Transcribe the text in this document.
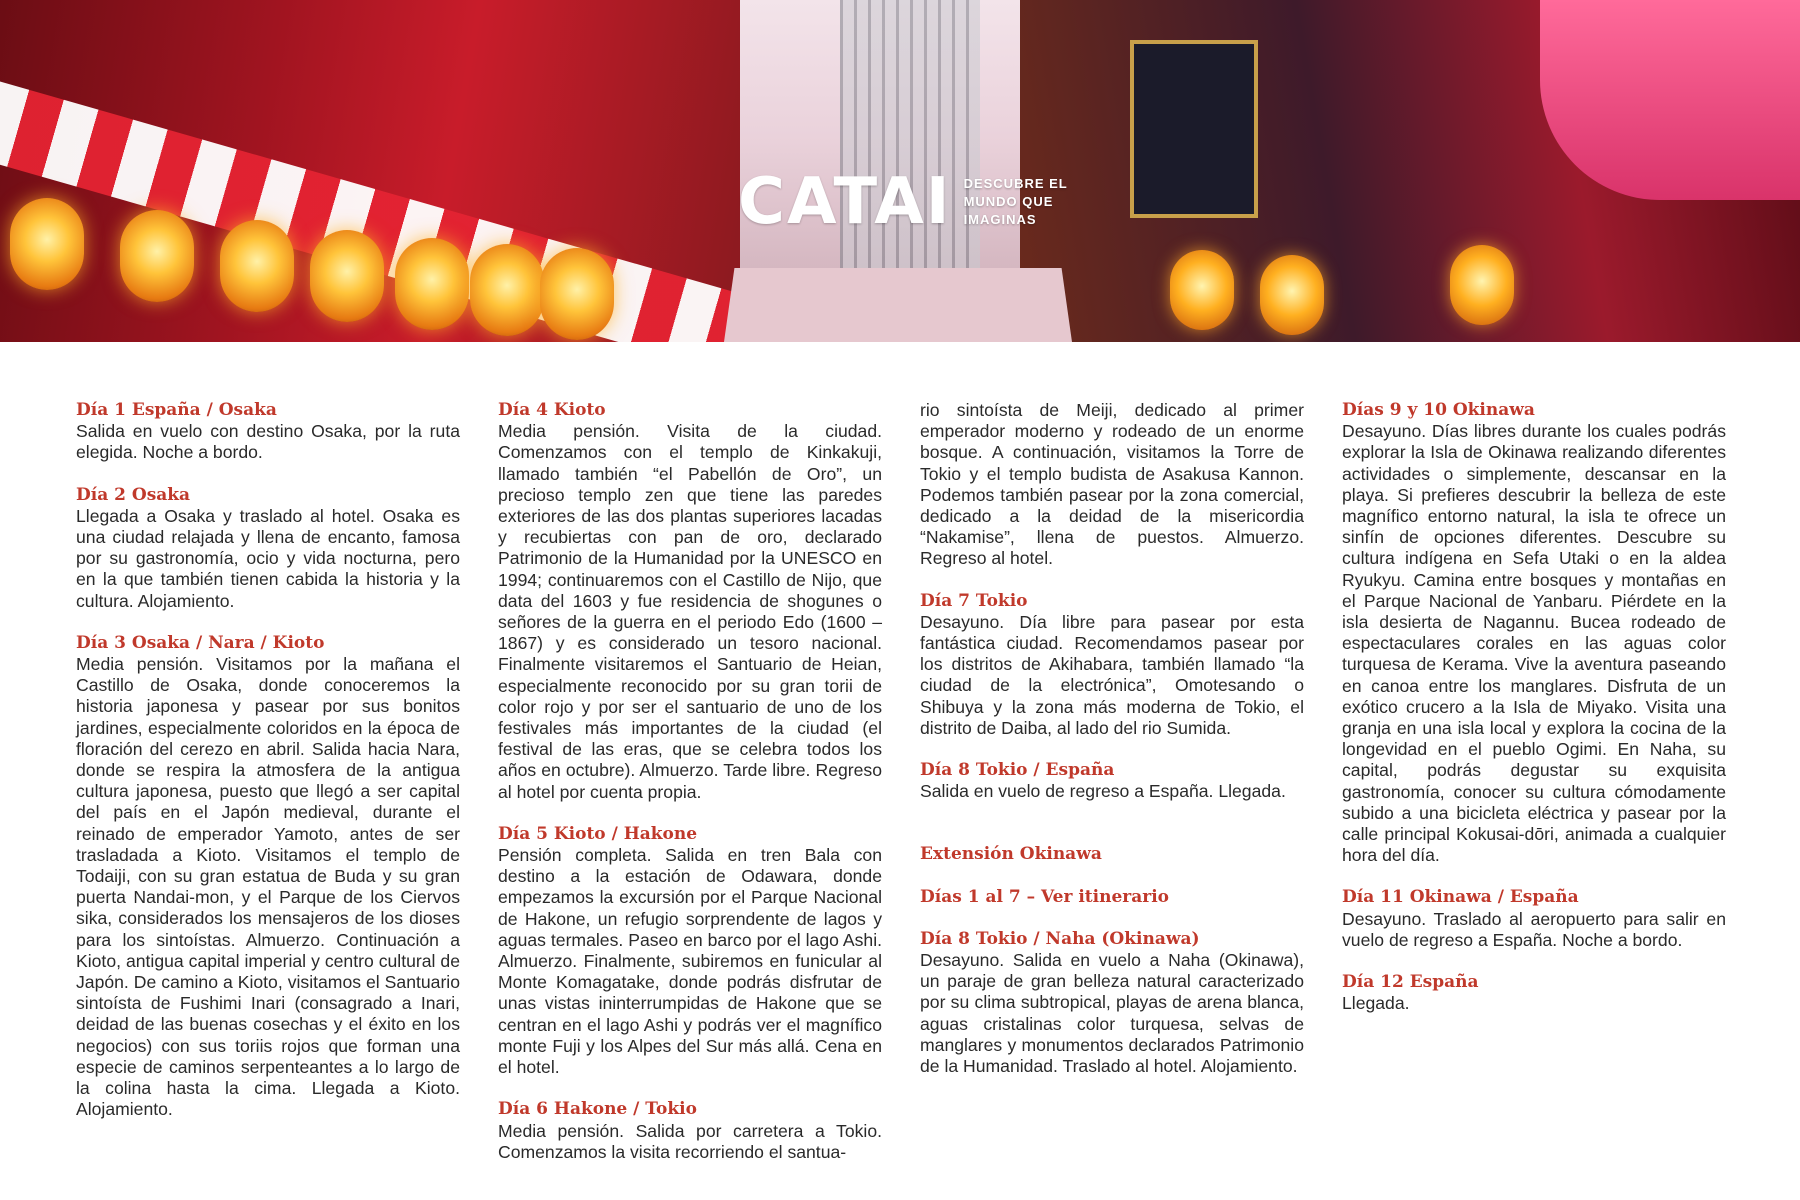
CATAI DESCUBRE EL
MUNDO QUE
IMAGINAS
Día 1 España / Osaka
Salida en vuelo con destino Osaka, por la ruta elegida. Noche a bordo.
Día 2 Osaka
Llegada a Osaka y traslado al hotel. Osaka es una ciudad relajada y llena de encanto, famosa por su gastronomía, ocio y vida nocturna, pero en la que también tienen cabida la historia y la cultura. Alojamiento.
Día 3 Osaka / Nara / Kioto
Media pensión. Visitamos por la mañana el Castillo de Osaka, donde conoceremos la historia japonesa y pasear por sus bonitos jardines, especialmente coloridos en la época de floración del cerezo en abril. Salida hacia Nara, donde se respira la atmosfera de la antigua cultura japonesa, puesto que llegó a ser capital del país en el Japón medieval, durante el reinado de emperador Yamoto, antes de ser trasladada a Kioto. Visitamos el templo de Todaiji, con su gran estatua de Buda y su gran puerta Nandai-mon, y el Parque de los Ciervos sika, considerados los mensajeros de los dioses para los sintoístas. Almuerzo. Continuación a Kioto, antigua capital imperial y centro cultural de Japón. De camino a Kioto, visitamos el Santuario sintoísta de Fushimi Inari (consagrado a Inari, deidad de las buenas cosechas y el éxito en los negocios) con sus toriis rojos que forman una especie de caminos serpenteantes a lo largo de la colina hasta la cima. Llegada a Kioto. Alojamiento.
Día 4 Kioto
Media pensión. Visita de la ciudad. Comenzamos con el templo de Kinkakuji, llamado también “el Pabellón de Oro”, un precioso templo zen que tiene las paredes exteriores de las dos plantas superiores lacadas y recubiertas con pan de oro, declarado Patrimonio de la Humanidad por la UNESCO en 1994; continuaremos con el Castillo de Nijo, que data del 1603 y fue residencia de shogunes o señores de la guerra en el periodo Edo (1600 – 1867) y es considerado un tesoro nacional. Finalmente visitaremos el Santuario de Heian, especialmente reconocido por su gran torii de color rojo y por ser el santuario de uno de los festivales más importantes de la ciudad (el festival de las eras, que se celebra todos los años en octubre). Almuerzo. Tarde libre. Regreso al hotel por cuenta propia.
Día 5 Kioto / Hakone
Pensión completa. Salida en tren Bala con destino a la estación de Odawara, donde empezamos la excursión por el Parque Nacional de Hakone, un refugio sorprendente de lagos y aguas termales. Paseo en barco por el lago Ashi. Almuerzo. Finalmente, subiremos en funicular al Monte Komagatake, donde podrás disfrutar de unas vistas ininterrumpidas de Hakone que se centran en el lago Ashi y podrás ver el magnífico monte Fuji y los Alpes del Sur más allá. Cena en el hotel.
Día 6 Hakone / Tokio
Media pensión. Salida por carretera a Tokio. Comenzamos la visita recorriendo el santua-
rio sintoísta de Meiji, dedicado al primer emperador moderno y rodeado de un enorme bosque. A continuación, visitamos la Torre de Tokio y el templo budista de Asakusa Kannon. Podemos también pasear por la zona comercial, dedicado a la deidad de la misericordia “Nakamise”, llena de puestos. Almuerzo. Regreso al hotel.
Día 7 Tokio
Desayuno. Día libre para pasear por esta fantástica ciudad. Recomendamos pasear por los distritos de Akihabara, también llamado “la ciudad de la electrónica”, Omotesando o Shibuya y la zona más moderna de Tokio, el distrito de Daiba, al lado del rio Sumida.
Día 8 Tokio / España
Salida en vuelo de regreso a España. Llegada.
Extensión Okinawa
Días 1 al 7 – Ver itinerario
Día 8 Tokio / Naha (Okinawa)
Desayuno. Salida en vuelo a Naha (Okinawa), un paraje de gran belleza natural caracterizado por su clima subtropical, playas de arena blanca, aguas cristalinas color turquesa, selvas de manglares y monumentos declarados Patrimonio de la Humanidad. Traslado al hotel. Alojamiento.
Días 9 y 10 Okinawa
Desayuno. Días libres durante los cuales podrás explorar la Isla de Okinawa realizando diferentes actividades o simplemente, descansar en la playa. Si prefieres descubrir la belleza de este magnífico entorno natural, la isla te ofrece un sinfín de opciones diferentes. Descubre su cultura indígena en Sefa Utaki o en la aldea Ryukyu. Camina entre bosques y montañas en el Parque Nacional de Yanbaru. Piérdete en la isla desierta de Nagannu. Bucea rodeado de espectaculares corales en las aguas color turquesa de Kerama. Vive la aventura paseando en canoa entre los manglares. Disfruta de un exótico crucero a la Isla de Miyako. Visita una granja en una isla local y explora la cocina de la longevidad en el pueblo Ogimi. En Naha, su capital, podrás degustar su exquisita gastronomía, conocer su cultura cómodamente subido a una bicicleta eléctrica y pasear por la calle principal Kokusai-dōri, animada a cualquier hora del día.
Día 11 Okinawa / España
Desayuno. Traslado al aeropuerto para salir en vuelo de regreso a España. Noche a bordo.
Día 12 España
Llegada.
